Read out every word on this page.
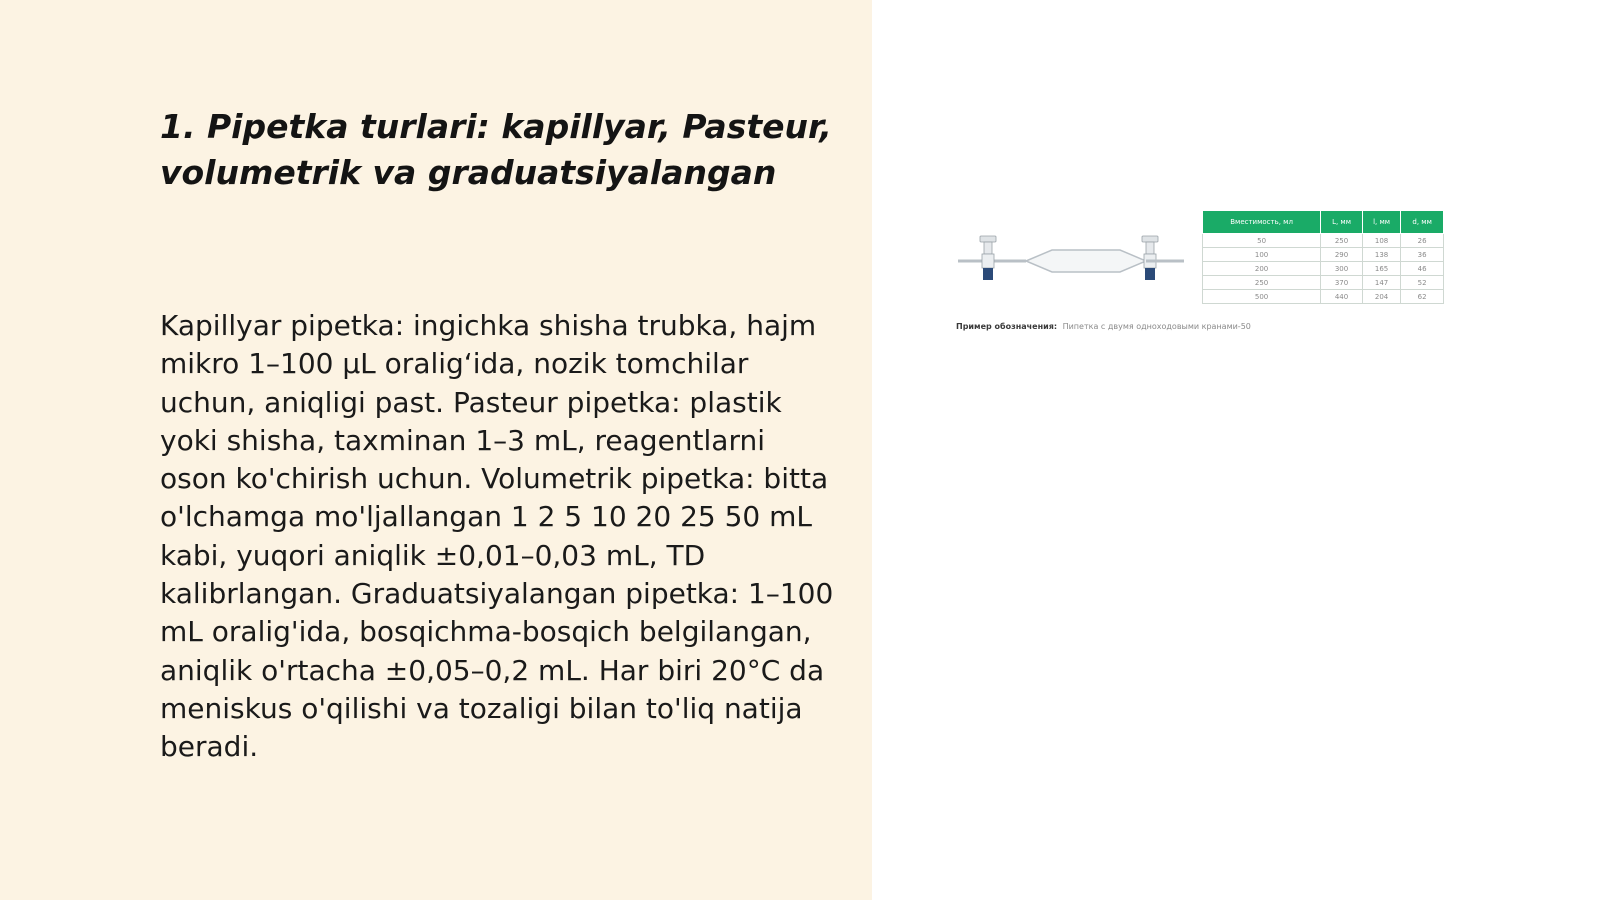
1. Pipetka turlari: kapillyar, Pasteur, volumetrik va graduatsiyalangan

Kapillyar pipetka: ingichka shisha trubka, hajm mikro 1–100 µL oralig‘ida, nozik tomchilar uchun, aniqligi past. Pasteur pipetka: plastik yoki shisha, taxminan 1–3 mL, reagentlarni oson ko'chirish uchun. Volumetrik pipetka: bitta o'lchamga mo'ljallangan 1 2 5 10 20 25 50 mL kabi, yuqori aniqlik ±0,01–0,03 mL, TD kalibrlangan. Graduatsiyalangan pipetka: 1–100 mL oralig'ida, bosqichma-bosqich belgilangan, aniqlik o'rtacha ±0,05–0,2 mL. Har biri 20°C da meniskus o'qilishi va tozaligi bilan to'liq natija beradi.

Вместимость, мл	L, мм	l, мм	d, мм
50	250	108	26
100	290	138	36
200	300	165	46
250	370	147	52
500	440	204	62
Пример обозначения: Пипетка с двумя одноходовыми кранами-50
